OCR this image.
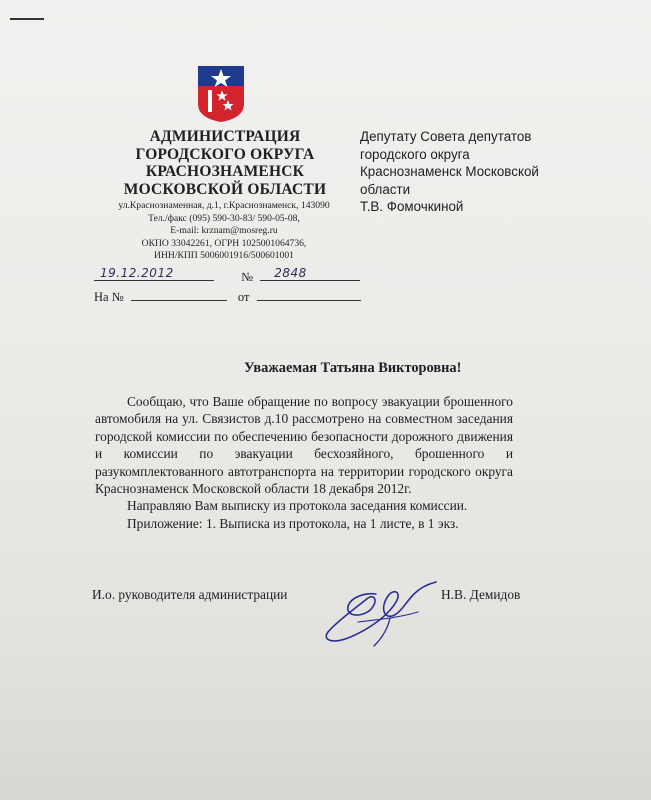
АДМИНИСТРАЦИЯ
ГОРОДСКОГО ОКРУГА
КРАСНОЗНАМЕНСК
МОСКОВСКОЙ ОБЛАСТИ
ул.Краснознаменная, д.1, г.Краснознаменск, 143090
Тел./факс (095) 590-30-83/ 590-05-08,
E-mail: krznam@mosreg.ru
ОКПО 33042261, ОГРН 1025001064736,
ИНН/КПП 5006001916/500601001
Депутату Совета депутатов
городского округа
Краснознаменск Московской
области
Т.В. Фомочкиной
19.12.2012	№ 2848
На №	от
Уважаемая Татьяна Викторовна!

Сообщаю, что Ваше обращение по вопросу эвакуации брошенного автомобиля на ул. Связистов д.10 рассмотрено на совместном заседания городской комиссии по обеспечению безопасности дорожного движения и комиссии по эвакуации бесхозяйного, брошенного и разукомплектованного автотранспорта на территории городского округа Краснознаменск Московской области 18 декабря 2012г.

Направляю Вам выписку из протокола заседания комиссии.

Приложение: 1. Выписка из протокола, на 1 листе, в 1 экз.

И.о. руководителя администрации	Н.В. Демидов
